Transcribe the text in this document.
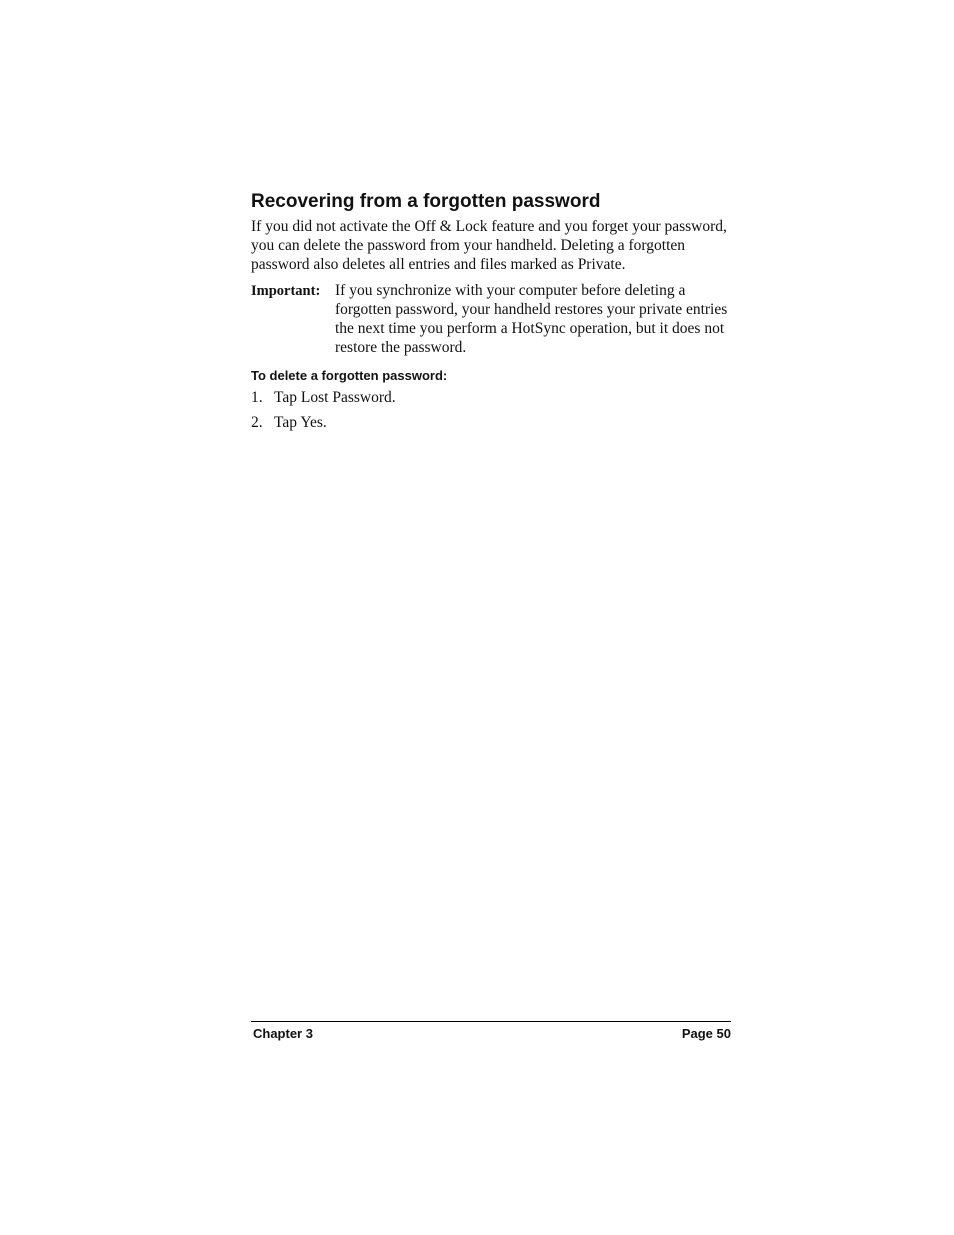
Recovering from a forgotten password

If you did not activate the Off & Lock feature and you forget your password, you can delete the password from your handheld. Deleting a forgotten password also deletes all entries and files marked as Private.

Important: If you synchronize with your computer before deleting a forgotten password, your handheld restores your private entries the next time you perform a HotSync operation, but it does not restore the password.
To delete a forgotten password:
1. Tap Lost Password.
2. Tap Yes.
Chapter 3	Page 50
